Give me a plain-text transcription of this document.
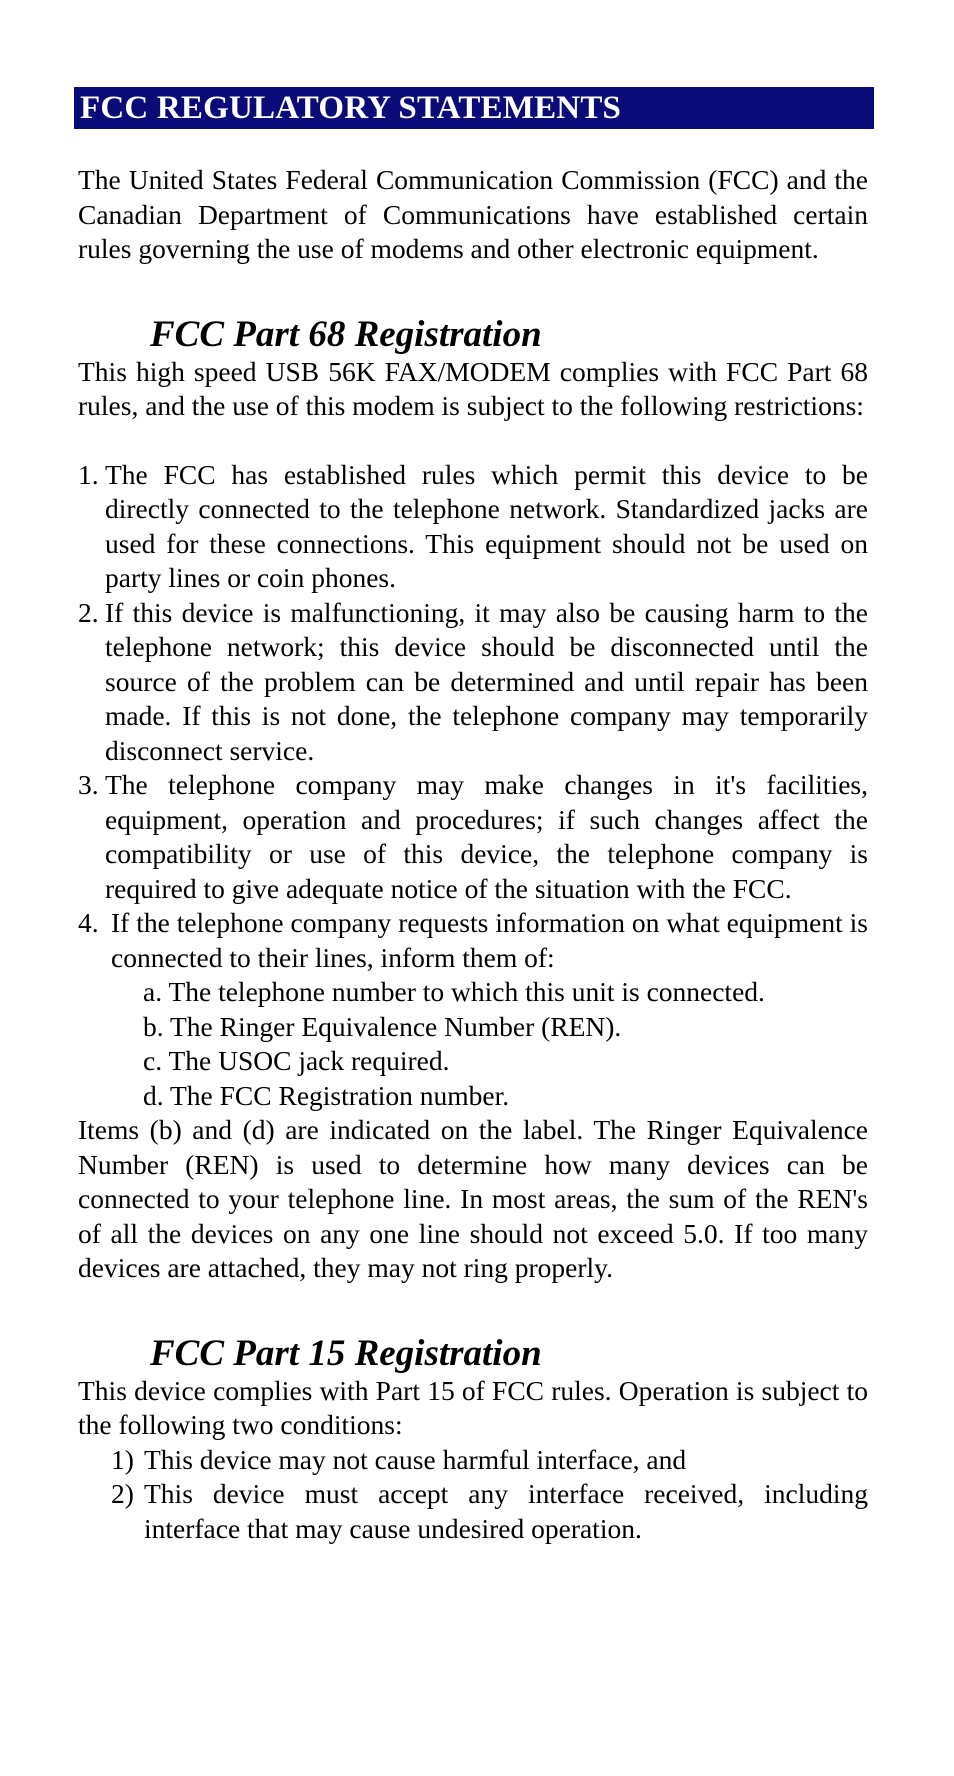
FCC REGULATORY STATEMENTS

The United States Federal Communication Commission (FCC) and the Canadian Department of Communications have established certain rules governing the use of modems and other electronic equipment.

FCC Part 68 Registration

This high speed USB 56K FAX/MODEM complies with FCC Part 68 rules, and the use of this modem is subject to the following restrictions:

1. The FCC has established rules which permit this device to be directly connected to the telephone network. Standardized jacks are used for these connections. This equipment should not be used on party lines or coin phones.
2. If this device is malfunctioning, it may also be causing harm to the telephone network; this device should be disconnected until the source of the problem can be determined and until repair has been made. If this is not done, the telephone company may temporarily disconnect service.
3. The telephone company may make changes in it's facilities, equipment, operation and procedures; if such changes affect the compatibility or use of this device, the telephone company is required to give adequate notice of the situation with the FCC.
4. If the telephone company requests information on what equipment is connected to their lines, inform them of:
a. The telephone number to which this unit is connected.
b. The Ringer Equivalence Number (REN).
c. The USOC jack required.
d. The FCC Registration number.

Items (b) and (d) are indicated on the label. The Ringer Equivalence Number (REN) is used to determine how many devices can be connected to your telephone line. In most areas, the sum of the REN's of all the devices on any one line should not exceed 5.0. If too many devices are attached, they may not ring properly.

FCC Part 15 Registration

This device complies with Part 15 of FCC rules. Operation is subject to the following two conditions:

1) This device may not cause harmful interface, and
2) This device must accept any interface received, including interface that may cause undesired operation.
